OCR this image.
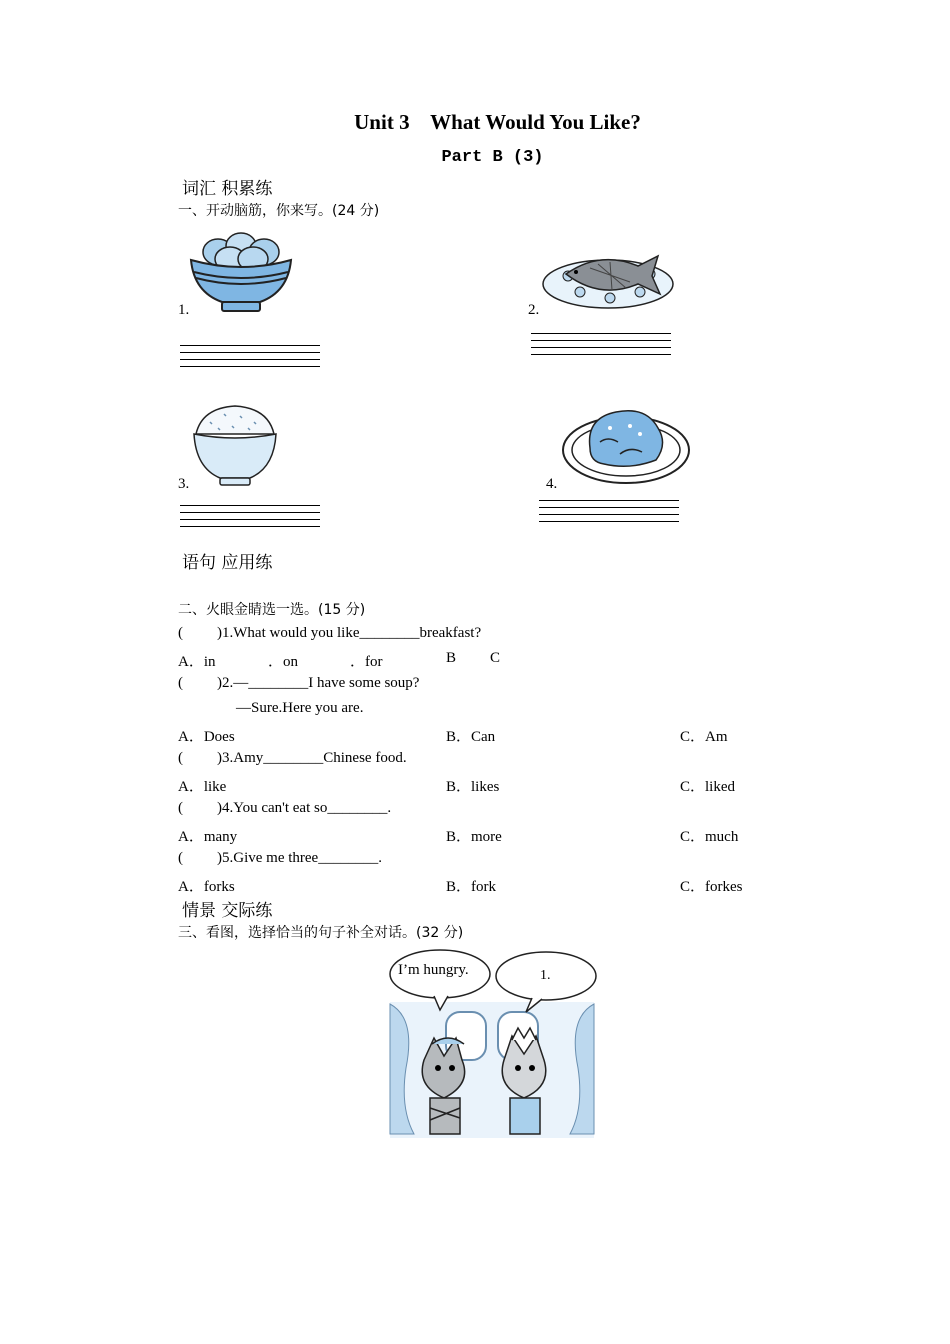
Unit 3    What Would You Like?
Part B (3)
词汇 积累练
一、开动脑筋，你来写。(24 分)
1.	2.
3.	4.
语句 应用练
二、火眼金睛选一选。(15 分)
( ) 1.What would you like________breakfast?
A．in	．on	．for	B C
( ) 2.—________I have some soup?
—Sure.Here you are.
A．Does	B．Can	C．Am
( ) 3.Amy________Chinese food.
A．like	B．likes	C．liked
( ) 4.You can't eat so________.
A．many	B．more	C．much
( ) 5.Give me three________.
A．forks	B．fork	C．forkes
情景 交际练
三、看图，选择恰当的句子补全对话。(32 分)
I’m hungry.	1.
